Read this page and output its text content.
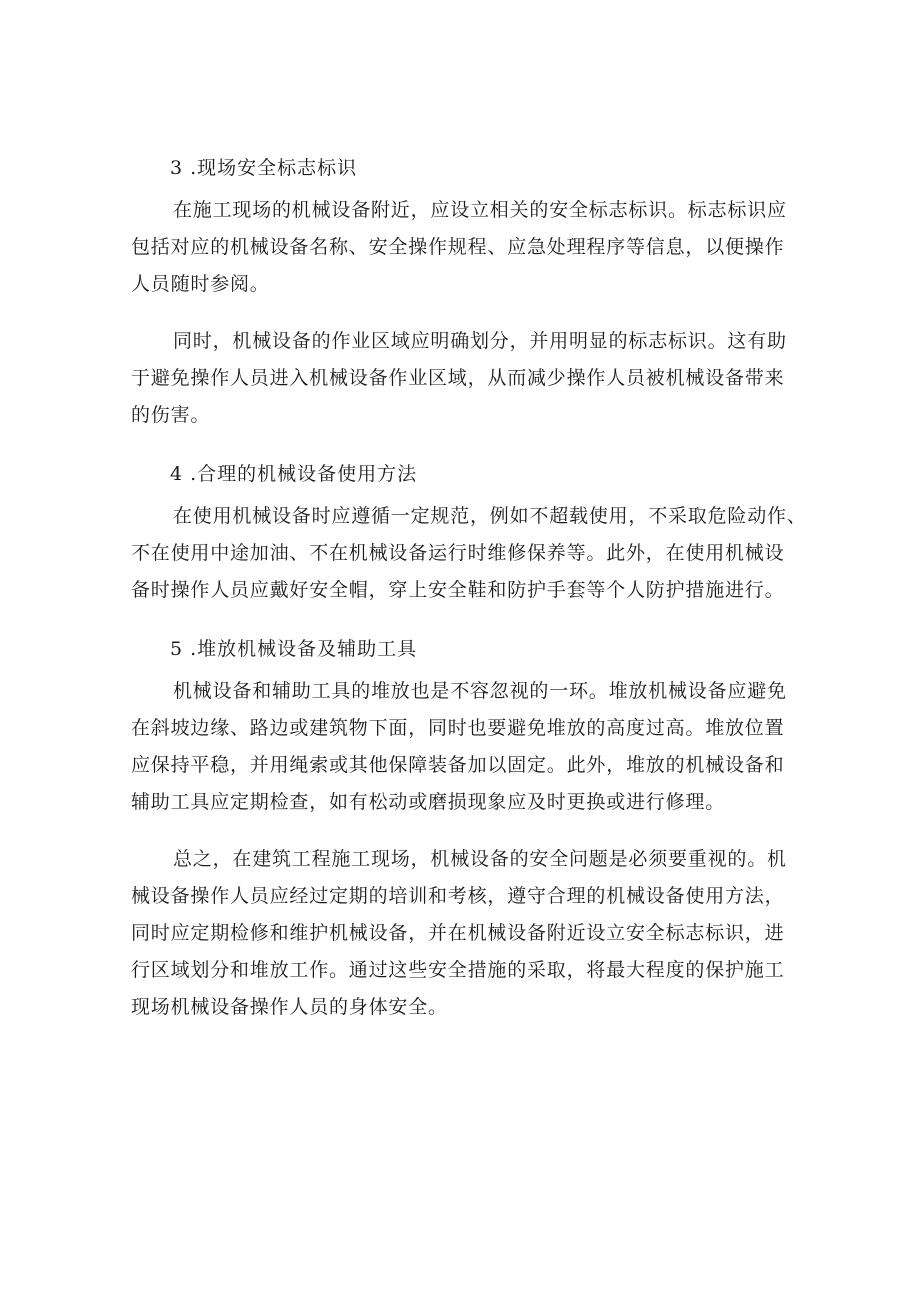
3 .现场安全标志标识
在施工现场的机械设备附近，应设立相关的安全标志标识。标志标识应
包括对应的机械设备名称、安全操作规程、应急处理程序等信息，以便操作
人员随时参阅。
同时，机械设备的作业区域应明确划分，并用明显的标志标识。这有助
于避免操作人员进入机械设备作业区域，从而减少操作人员被机械设备带来
的伤害。
4 .合理的机械设备使用方法
在使用机械设备时应遵循一定规范，例如不超载使用，不采取危险动作、
不在使用中途加油、不在机械设备运行时维修保养等。此外，在使用机械设
备时操作人员应戴好安全帽，穿上安全鞋和防护手套等个人防护措施进行。
5 .堆放机械设备及辅助工具
机械设备和辅助工具的堆放也是不容忽视的一环。堆放机械设备应避免
在斜坡边缘、路边或建筑物下面，同时也要避免堆放的高度过高。堆放位置
应保持平稳，并用绳索或其他保障装备加以固定。此外，堆放的机械设备和
辅助工具应定期检查，如有松动或磨损现象应及时更换或进行修理。
总之，在建筑工程施工现场，机械设备的安全问题是必须要重视的。机
械设备操作人员应经过定期的培训和考核，遵守合理的机械设备使用方法，
同时应定期检修和维护机械设备，并在机械设备附近设立安全标志标识，进
行区域划分和堆放工作。通过这些安全措施的采取，将最大程度的保护施工
现场机械设备操作人员的身体安全。
